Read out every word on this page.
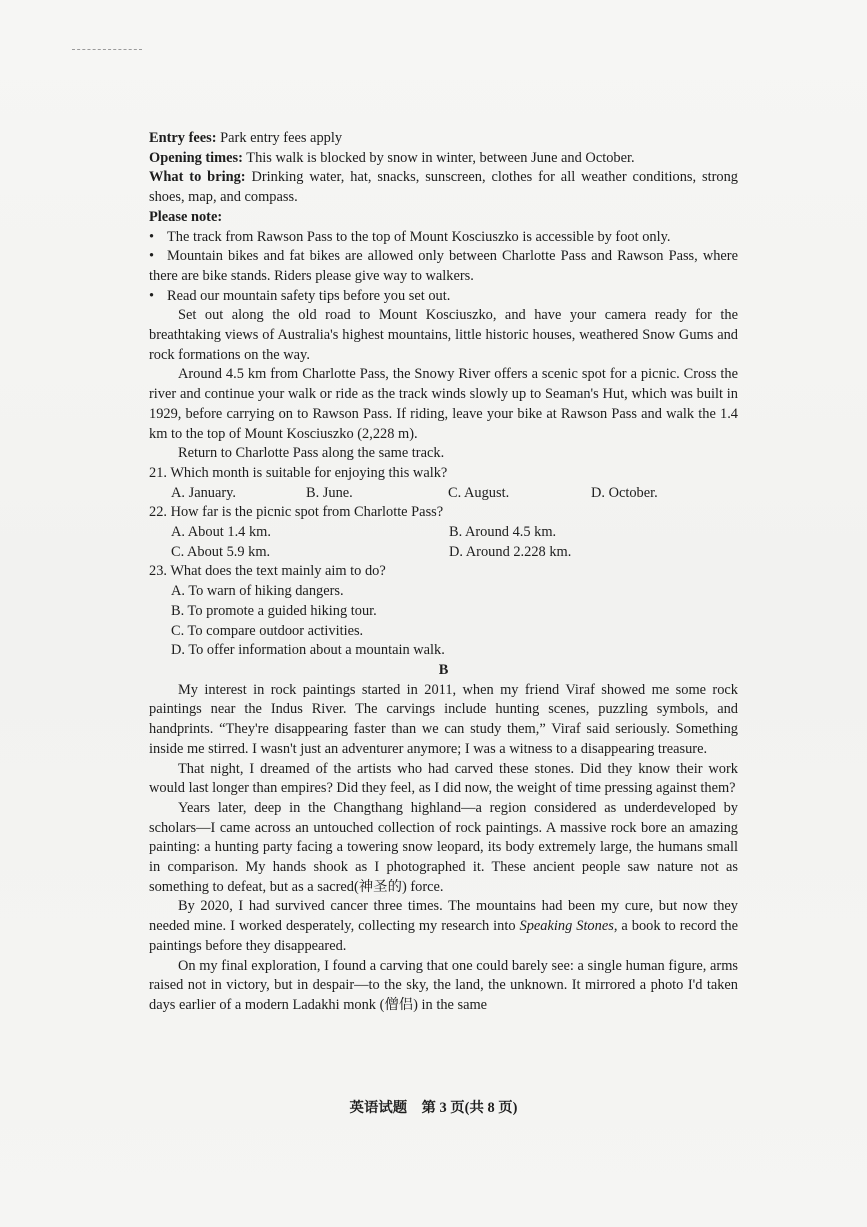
Entry fees: Park entry fees apply

Opening times: This walk is blocked by snow in winter, between June and October.

What to bring: Drinking water, hat, snacks, sunscreen, clothes for all weather conditions, strong shoes, map, and compass.

Please note:

• The track from Rawson Pass to the top of Mount Kosciuszko is accessible by foot only.

• Mountain bikes and fat bikes are allowed only between Charlotte Pass and Rawson Pass, where there are bike stands. Riders please give way to walkers.

• Read our mountain safety tips before you set out.

Set out along the old road to Mount Kosciuszko, and have your camera ready for the breathtaking views of Australia's highest mountains, little historic houses, weathered Snow Gums and rock formations on the way.

Around 4.5 km from Charlotte Pass, the Snowy River offers a scenic spot for a picnic. Cross the river and continue your walk or ride as the track winds slowly up to Seaman's Hut, which was built in 1929, before carrying on to Rawson Pass. If riding, leave your bike at Rawson Pass and walk the 1.4 km to the top of Mount Kosciuszko (2,228 m).

Return to Charlotte Pass along the same track.

21. Which month is suitable for enjoying this walk?

A. January.	B. June.	C. August.	D. October.

22. How far is the picnic spot from Charlotte Pass?

A. About 1.4 km.	B. Around 4.5 km.

C. About 5.9 km.	D. Around 2.228 km.

23. What does the text mainly aim to do?

A. To warn of hiking dangers.

B. To promote a guided hiking tour.

C. To compare outdoor activities.

D. To offer information about a mountain walk.

B

My interest in rock paintings started in 2011, when my friend Viraf showed me some rock paintings near the Indus River. The carvings include hunting scenes, puzzling symbols, and handprints. “They're disappearing faster than we can study them,” Viraf said seriously. Something inside me stirred. I wasn't just an adventurer anymore; I was a witness to a disappearing treasure.

That night, I dreamed of the artists who had carved these stones. Did they know their work would last longer than empires? Did they feel, as I did now, the weight of time pressing against them?

Years later, deep in the Changthang highland—a region considered as underdeveloped by scholars—I came across an untouched collection of rock paintings. A massive rock bore an amazing painting: a hunting party facing a towering snow leopard, its body extremely large, the humans small in comparison. My hands shook as I photographed it. These ancient people saw nature not as something to defeat, but as a sacred(神圣的) force.

By 2020, I had survived cancer three times. The mountains had been my cure, but now they needed mine. I worked desperately, collecting my research into Speaking Stones, a book to record the paintings before they disappeared.

On my final exploration, I found a carving that one could barely see: a single human figure, arms raised not in victory, but in despair—to the sky, the land, the unknown. It mirrored a photo I'd taken days earlier of a modern Ladakhi monk (僧侣) in the same

英语试题　第 3 页(共 8 页)
